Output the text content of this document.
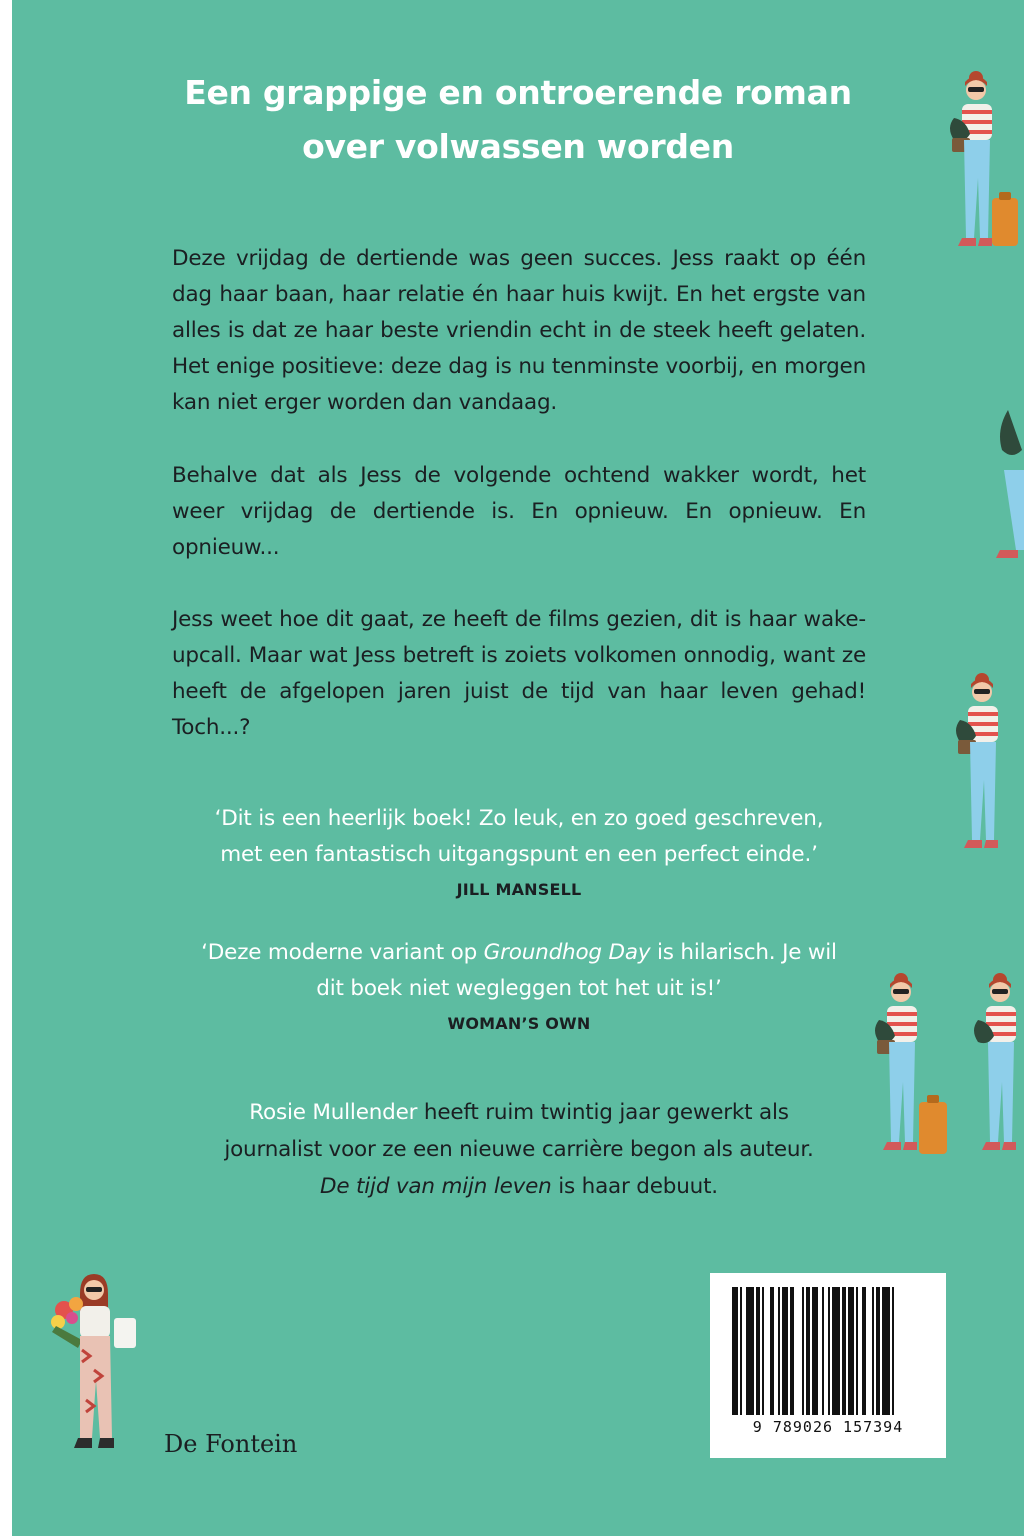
Een grappige en ontroerende roman
over volwassen worden
Deze vrijdag de dertiende was geen succes. Jess raakt op één dag haar baan, haar relatie én haar huis kwijt. En het ergste van alles is dat ze haar beste vriendin echt in de steek heeft gelaten. Het enige positieve: deze dag is nu tenminste voorbij, en morgen kan niet erger worden dan vandaag.
Behalve dat als Jess de volgende ochtend wakker wordt, het weer vrijdag de dertiende is. En opnieuw. En opnieuw. En opnieuw...
Jess weet hoe dit gaat, ze heeft de films gezien, dit is haar wake-upcall. Maar wat Jess betreft is zoiets volkomen onnodig, want ze heeft de afgelopen jaren juist de tijd van haar leven gehad! Toch...?
‘Dit is een heerlijk boek! Zo leuk, en zo goed geschreven,
met een fantastisch uitgangspunt en een perfect einde.’
JILL MANSELL
‘Deze moderne variant op Groundhog Day is hilarisch. Je wil
dit boek niet wegleggen tot het uit is!’
WOMAN’S OWN
Rosie Mullender heeft ruim twintig jaar gewerkt als
journalist voor ze een nieuwe carrière begon als auteur.
De tijd van mijn leven is haar debuut.
De Fontein
9 789026 157394
